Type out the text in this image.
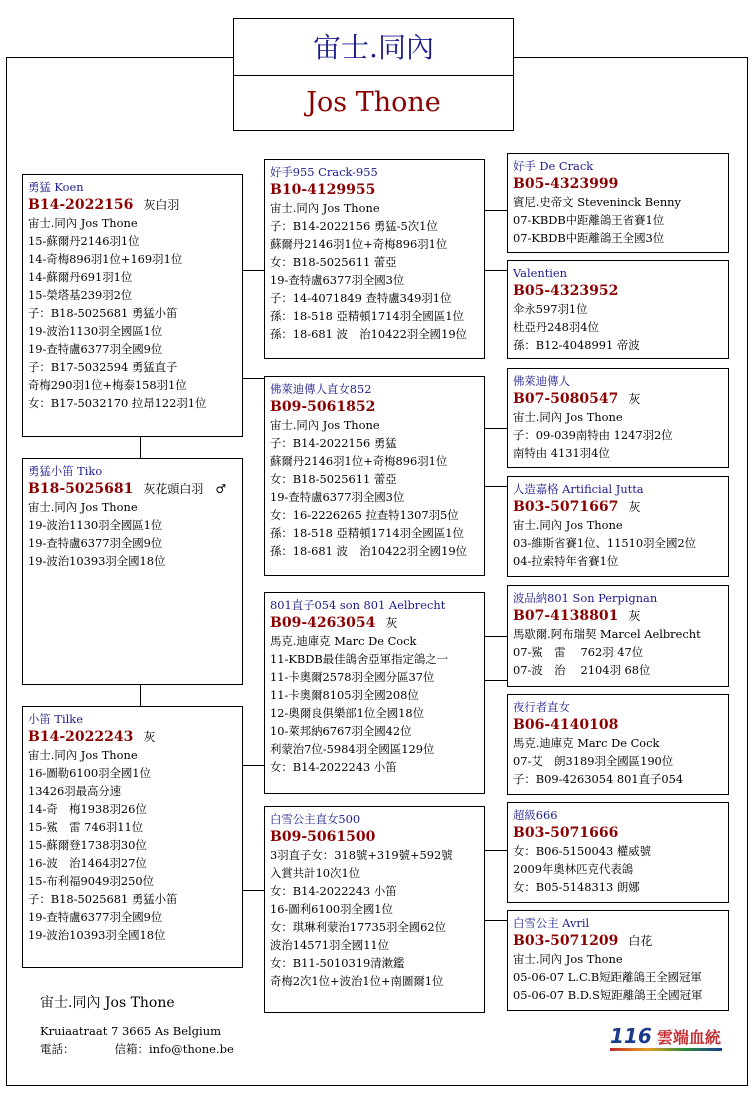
宙士.同內
Jos Thone
勇猛 Koen
B14-2022156 灰白羽
宙士.同內 Jos Thone
15-蘇爾丹2146羽1位
14-奇梅896羽1位+169羽1位
14-蘇爾丹691羽1位
15-榮塔基239羽2位
子：B18-5025681 勇猛小笛
19-波治1130羽全國區1位
19-查特盧6377羽全國9位
子：B17-5032594 勇猛直子
奇梅290羽1位+梅泰158羽1位
女：B17-5032170 拉昂122羽1位
勇猛小笛 Tiko
B18-5025681 灰花頭白羽　♂
宙士.同內 Jos Thone
19-波治1130羽全國區1位
19-查特盧6377羽全國9位
19-波治10393羽全國18位
小笛 Tilke
B14-2022243 灰
宙士.同內 Jos Thone
16-圖勒6100羽全國1位
13426羽最高分速
14-奇　梅1938羽26位
15-鯊　雷 746羽11位
15-蘇爾登1738羽30位
16-波　治1464羽27位
15-布利福9049羽250位
子：B18-5025681 勇猛小笛
19-查特盧6377羽全國9位
19-波治10393羽全國18位
好手955 Crack-955
B10-4129955
宙士.同內 Jos Thone
子：B14-2022156 勇猛-5次1位
蘇爾丹2146羽1位+奇梅896羽1位
女：B18-5025611 蕾亞
19-查特盧6377羽全國3位
子：14-4071849 查特盧349羽1位
孫：18-518 亞精頓1714羽全國區1位
孫：18-681 波　治10422羽全國19位
佛萊迪傳人直女852
B09-5061852
宙士.同內 Jos Thone
子：B14-2022156 勇猛
蘇爾丹2146羽1位+奇梅896羽1位
女：B18-5025611 蕾亞
19-查特盧6377羽全國3位
女：16-2226265 拉查特1307羽5位
孫：18-518 亞精頓1714羽全國區1位
孫：18-681 波　治10422羽全國19位
801直子054 son 801 Aelbrecht
B09-4263054 灰
馬克.迪庫克 Marc De Cock
11-KBDB最佳鴿舍亞軍指定鴿之一
11-卡奧爾2578羽全國分區37位
11-卡奧爾8105羽全國208位
12-奧爾良俱樂部1位全國18位
10-萊邦納6767羽全國42位
利蒙治7位-5984羽全國區129位
女：B14-2022243 小笛
白雪公主直女500
B09-5061500
3羽直子女：318號+319號+592號
入賞共計10次1位
女：B14-2022243 小笛
16-圖利6100羽全國1位
女：琪琳利蒙治17735羽全國62位
波治14571羽全國11位
女：B11-5010319清漱鑑
奇梅2次1位+波治1位+南圖爾1位
好手 De Crack
B05-4323999
賓尼.史帝文 Steveninck Benny
07-KBDB中距離鴿王省賽1位
07-KBDB中距離鴿王全國3位
Valentien
B05-4323952
伞永597羽1位
杜亞丹248羽4位
孫：B12-4048991 帝波
佛萊迪傳人
B07-5080547 灰
宙士.同內 Jos Thone
子：09-039南特由 1247羽2位
南特由 4131羽4位
人造嘉格 Artificial Jutta
B03-5071667 灰
宙士.同內 Jos Thone
03-維斯省賽1位、11510羽全國2位
04-拉索特年省賽1位
波品納801 Son Perpignan
B07-4138801 灰
馬歇爾.阿布瑞契 Marcel Aelbrecht
07-鯊　雷　 762羽 47位
07-波　治　 2104羽 68位
夜行者直女
B06-4140108
馬克.迪庫克 Marc De Cock
07-艾　朗3189羽全國區190位
子：B09-4263054 801直子054
超級666
B03-5071666
女：B06-5150043 權威號
2009年奧林匹克代表鴿
女：B05-5148313 朗娜
白雪公主 Avril
B03-5071209 白花
宙士.同內 Jos Thone
05-06-07 L.C.B短距離鴿王全國冠軍
05-06-07 B.D.S短距離鴿王全國冠軍
宙士.同內 Jos Thone
Kruiaatraat 7 3665 As Belgium
電話：	信箱：info@thone.be
116 雲端血統
